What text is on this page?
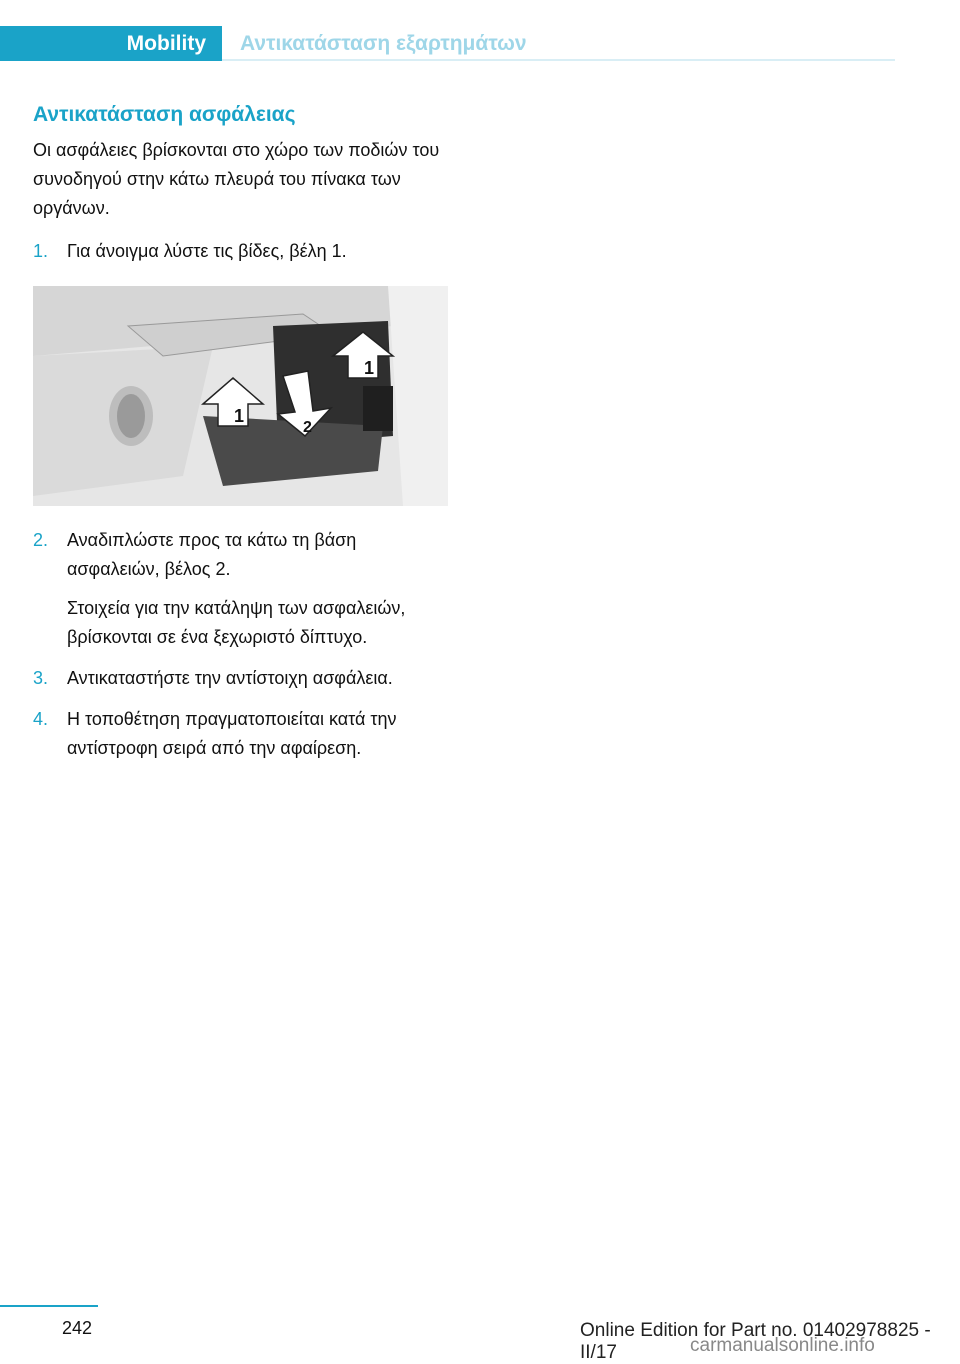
Mobility	Αντικατάσταση εξαρτημάτων
Αντικατάσταση ασφάλειας

Οι ασφάλειες βρίσκονται στο χώρο των ποδιών του συνοδηγού στην κάτω πλευρά του πίνακα των οργάνων.

1.	Για άνοιγμα λύστε τις βίδες, βέλη 1.
1
1
2
2.	Αναδιπλώστε προς τα κάτω τη βάση ασφαλειών, βέλος 2.
Στοιχεία για την κατάληψη των ασφαλειών, βρίσκονται σε ένα ξεχωριστό δίπτυχο.
3.	Αντικαταστήστε την αντίστοιχη ασφάλεια.
4.	Η τοποθέτηση πραγματοποιείται κατά την αντίστροφη σειρά από την αφαίρεση.
242	Online Edition for Part no. 01402978825 - II/17	carmanualsonline.info
